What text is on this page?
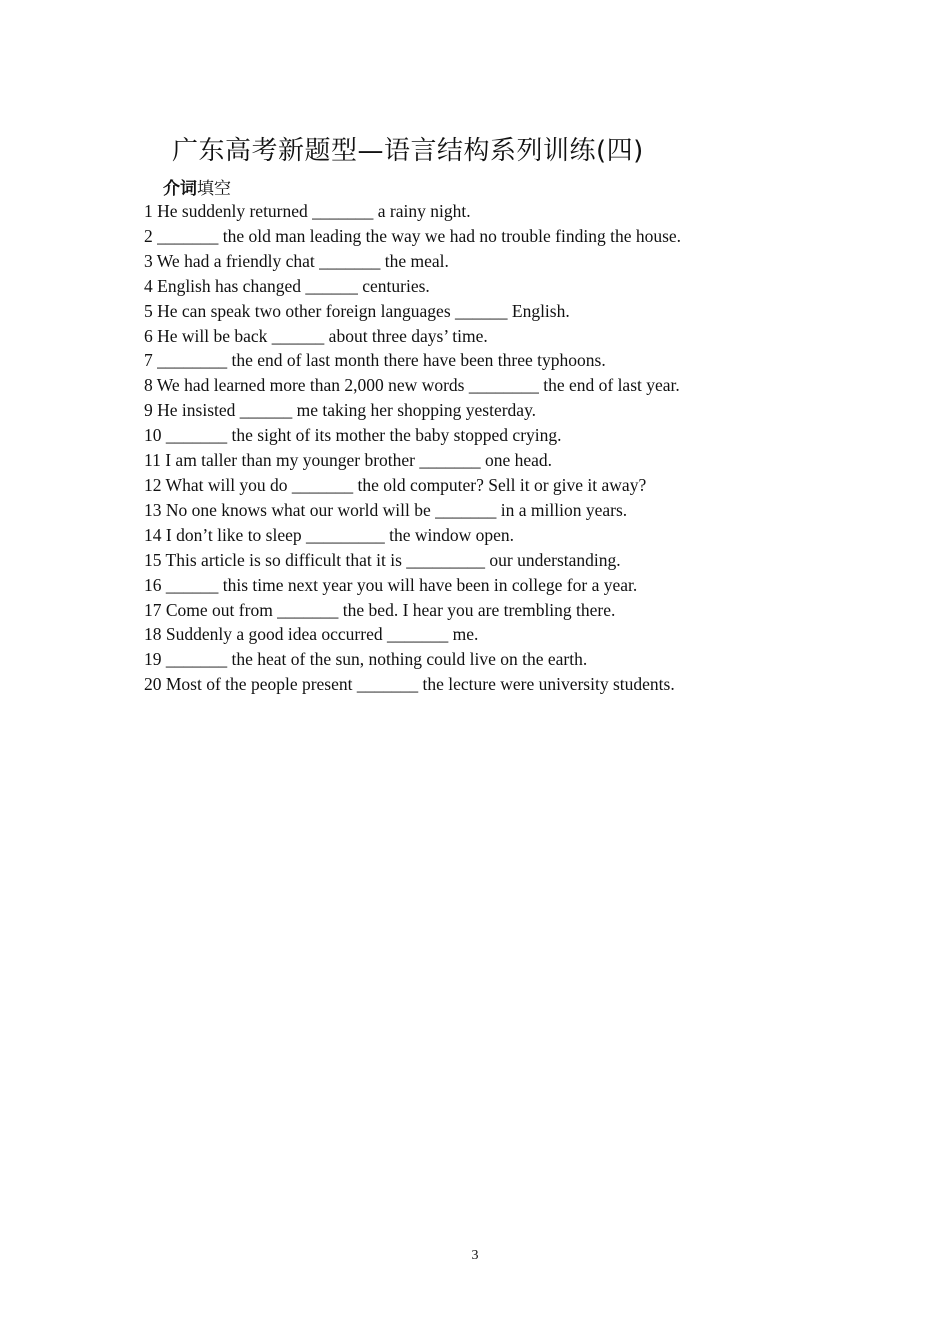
广东高考新题型—语言结构系列训练(四)
介词填空
1 He suddenly returned _______ a rainy night.
2 _______ the old man leading the way we had no trouble finding the house.
3 We had a friendly chat _______ the meal.
4 English has changed ______ centuries.
5 He can speak two other foreign languages ______ English.
6 He will be back ______ about three days’ time.
7 ________ the end of last month there have been three typhoons.
8 We had learned more than 2,000 new words ________ the end of last year.
9 He insisted ______ me taking her shopping yesterday.
10 _______ the sight of its mother the baby stopped crying.
11 I am taller than my younger brother _______ one head.
12 What will you do _______ the old computer? Sell it or give it away?
13 No one knows what our world will be _______ in a million years.
14 I don’t like to sleep _________ the window open.
15 This article is so difficult that it is _________ our understanding.
16 ______ this time next year you will have been in college for a year.
17 Come out from _______ the bed. I hear you are trembling there.
18 Suddenly a good idea occurred _______ me.
19 _______ the heat of the sun, nothing could live on the earth.
20 Most of the people present _______ the lecture were university students.
3
